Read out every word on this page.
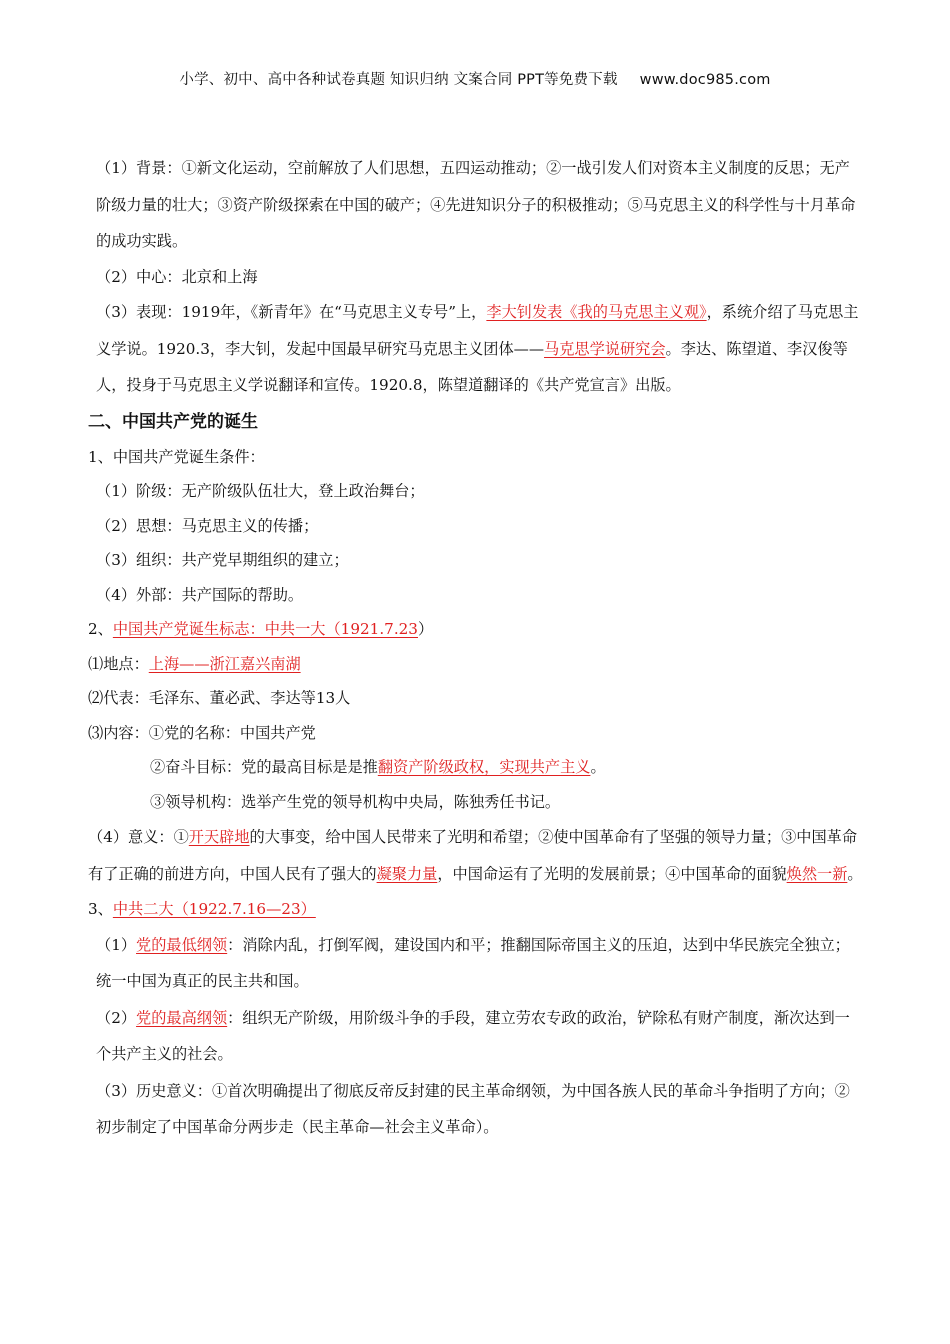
小学、初中、高中各种试卷真题 知识归纳 文案合同 PPT等免费下载 www.doc985.com

（1）背景：①新文化运动，空前解放了人们思想，五四运动推动；②一战引发人们对资本主义制度的反思；无产阶级力量的壮大；③资产阶级探索在中国的破产；④先进知识分子的积极推动；⑤马克思主义的科学性与十月革命的成功实践。

（2）中心：北京和上海

（3）表现：1919年，《新青年》在“马克思主义专号”上，李大钊发表《我的马克思主义观》，系统介绍了马克思主义学说。1920.3，李大钊，发起中国最早研究马克思主义团体——马克思学说研究会。李达、陈望道、李汉俊等人，投身于马克思主义学说翻译和宣传。1920.8，陈望道翻译的《共产党宣言》出版。

二、中国共产党的诞生

1、中国共产党诞生条件：

（1）阶级：无产阶级队伍壮大，登上政治舞台；

（2）思想：马克思主义的传播；

（3）组织：共产党早期组织的建立；

（4）外部：共产国际的帮助。

2、中国共产党诞生标志：中共一大（1921.7.23）

⑴地点：上海——浙江嘉兴南湖

⑵代表：毛泽东、董必武、李达等13人

⑶内容：①党的名称：中国共产党

②奋斗目标：党的最高目标是是推翻资产阶级政权，实现共产主义。

③领导机构：选举产生党的领导机构中央局，陈独秀任书记。

（4）意义：①开天辟地的大事变，给中国人民带来了光明和希望；②使中国革命有了坚强的领导力量；③中国革命有了正确的前进方向，中国人民有了强大的凝聚力量，中国命运有了光明的发展前景；④中国革命的面貌焕然一新。

3、中共二大（1922.7.16—23）

（1）党的最低纲领：消除内乱，打倒军阀，建设国内和平；推翻国际帝国主义的压迫，达到中华民族完全独立；统一中国为真正的民主共和国。

（2）党的最高纲领：组织无产阶级，用阶级斗争的手段，建立劳农专政的政治，铲除私有财产制度，渐次达到一个共产主义的社会。

（3）历史意义：①首次明确提出了彻底反帝反封建的民主革命纲领，为中国各族人民的革命斗争指明了方向；②初步制定了中国革命分两步走（民主革命—社会主义革命）。
